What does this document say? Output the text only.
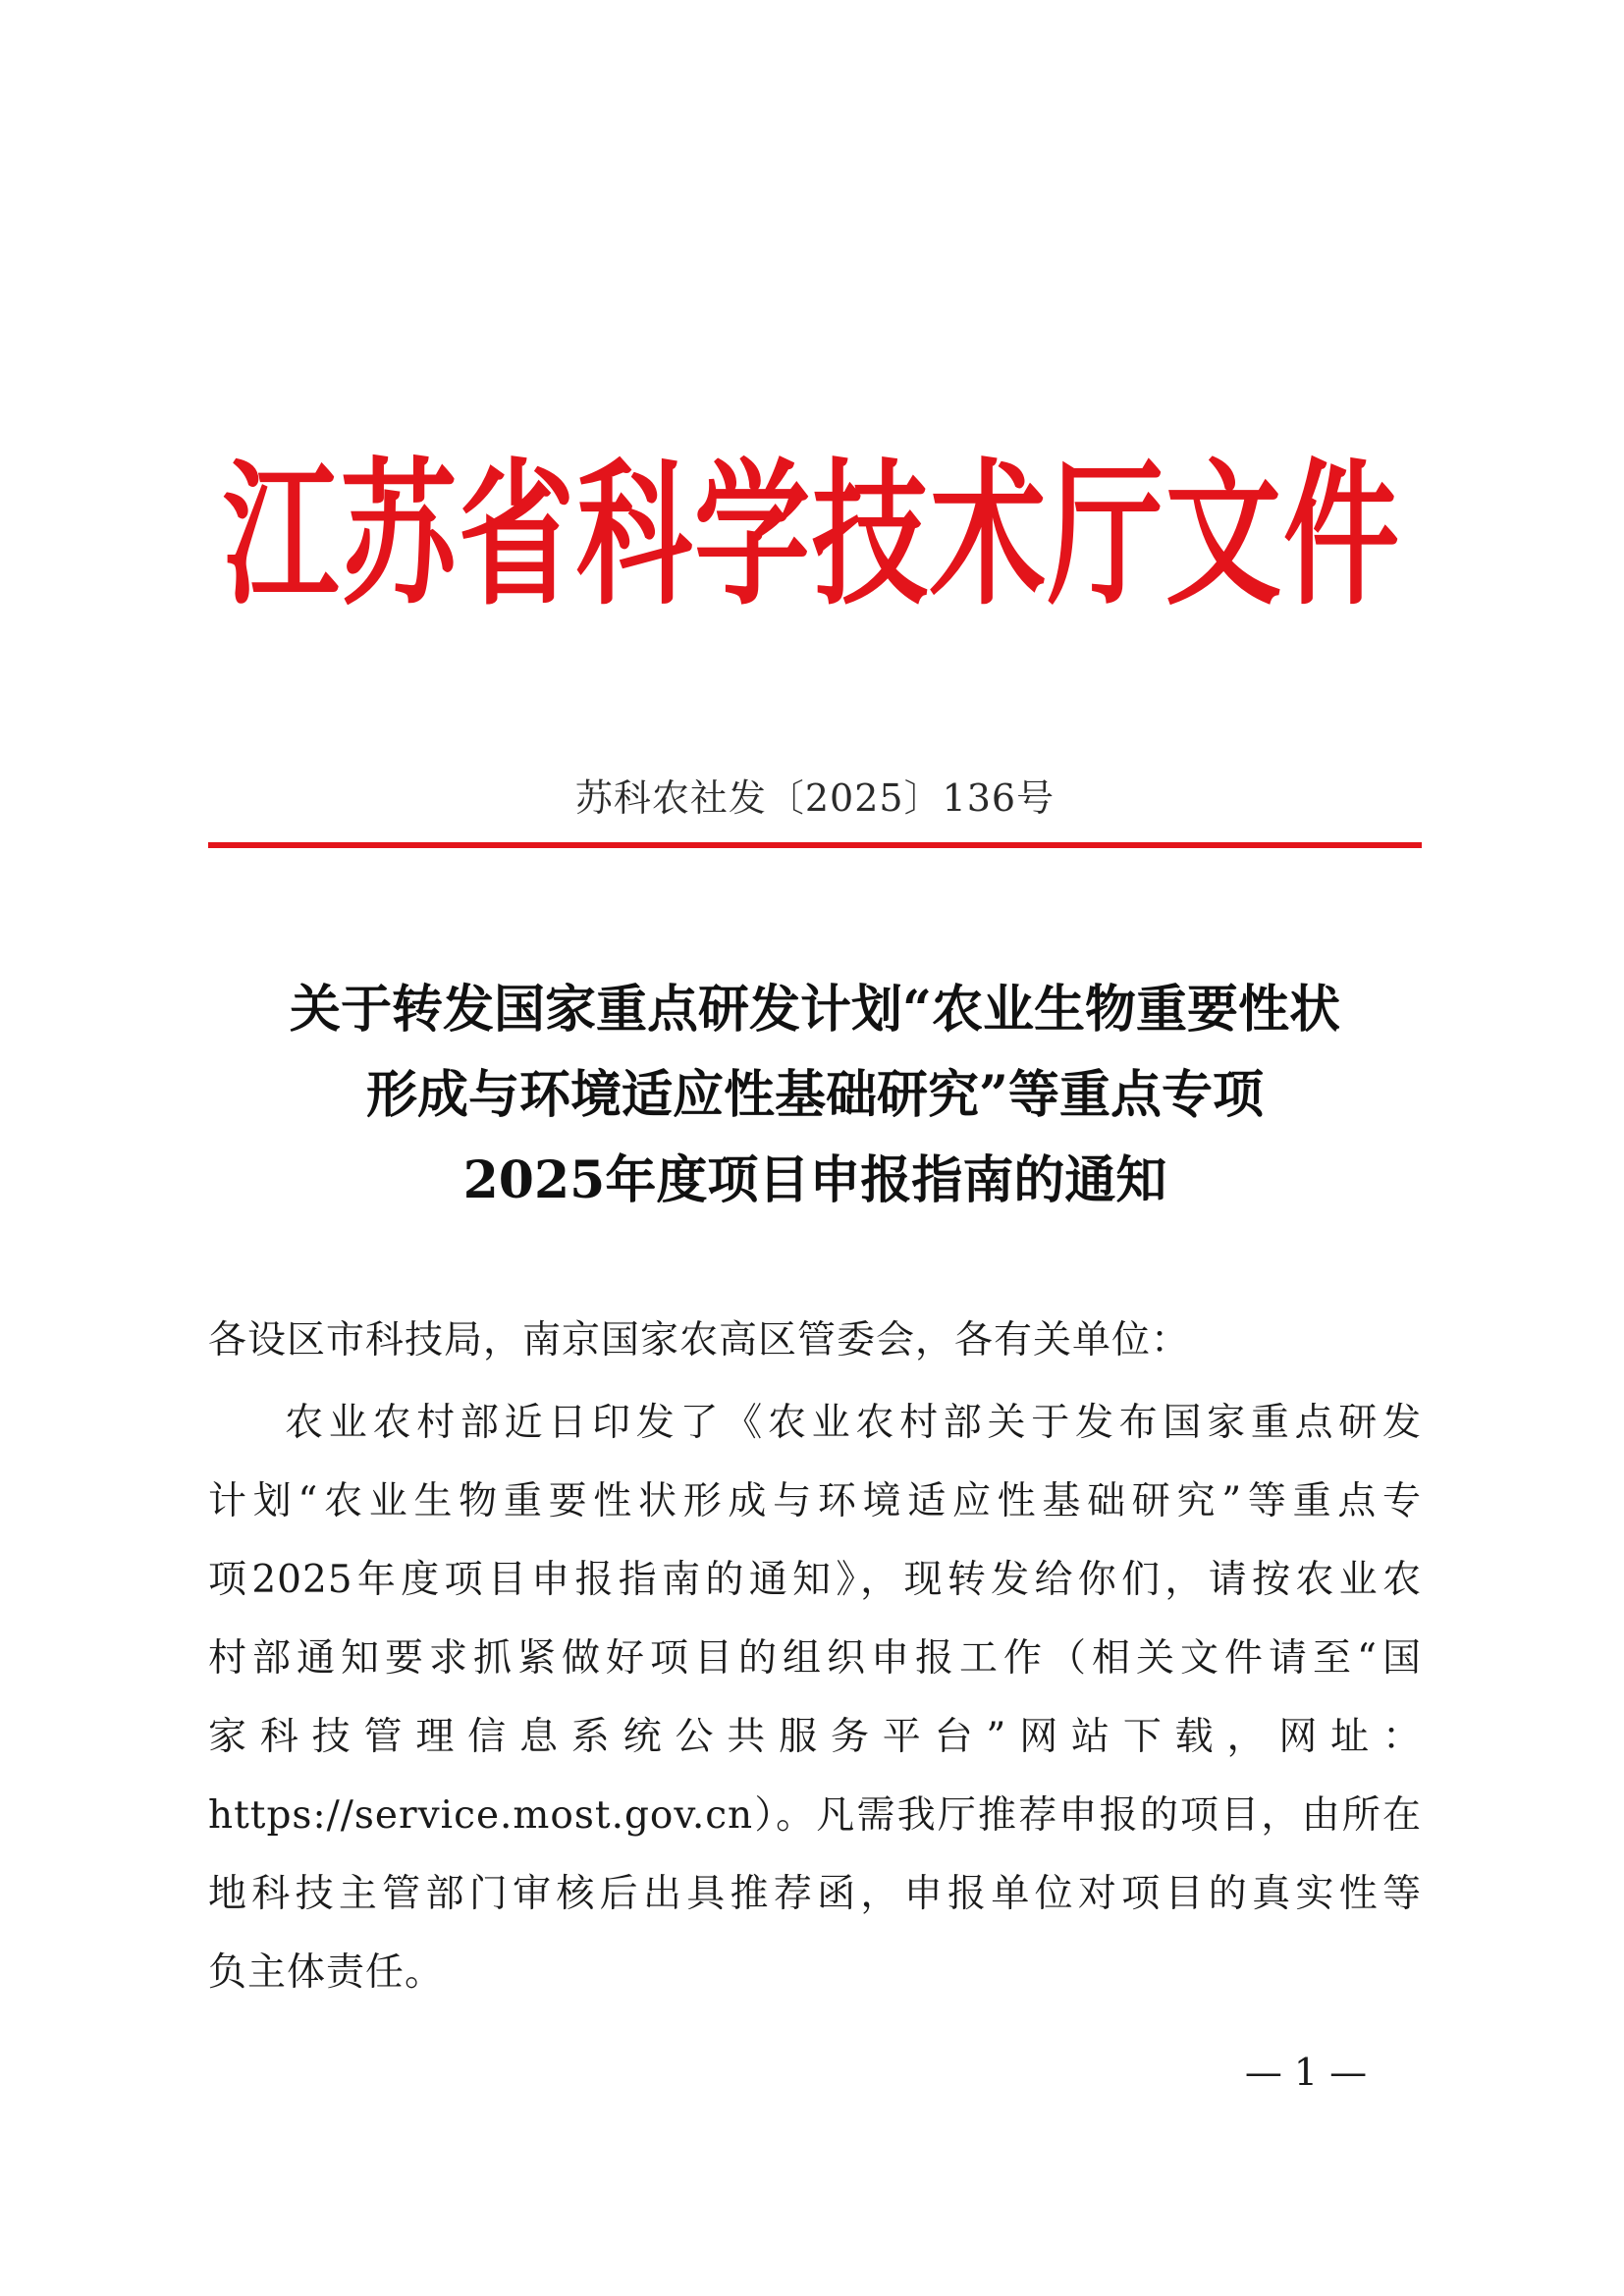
江苏省科学技术厅文件
苏科农社发〔2025〕136号
关于转发国家重点研发计划“农业生物重要性状
形成与环境适应性基础研究”等重点专项
2025年度项目申报指南的通知
各设区市科技局，南京国家农高区管委会，各有关单位：
农业农村部近日印发了《农业农村部关于发布国家重点研发
计划“农业生物重要性状形成与环境适应性基础研究”等重点专
项2025年度项目申报指南的通知》，现转发给你们，请按农业农
村部通知要求抓紧做好项目的组织申报工作（相关文件请至“国
家科技管理信息系统公共服务平台”网站下载，网址：
https://service.most.gov.cn）。凡需我厅推荐申报的项目，由所在
地科技主管部门审核后出具推荐函，申报单位对项目的真实性等
负主体责任。
— 1 —
